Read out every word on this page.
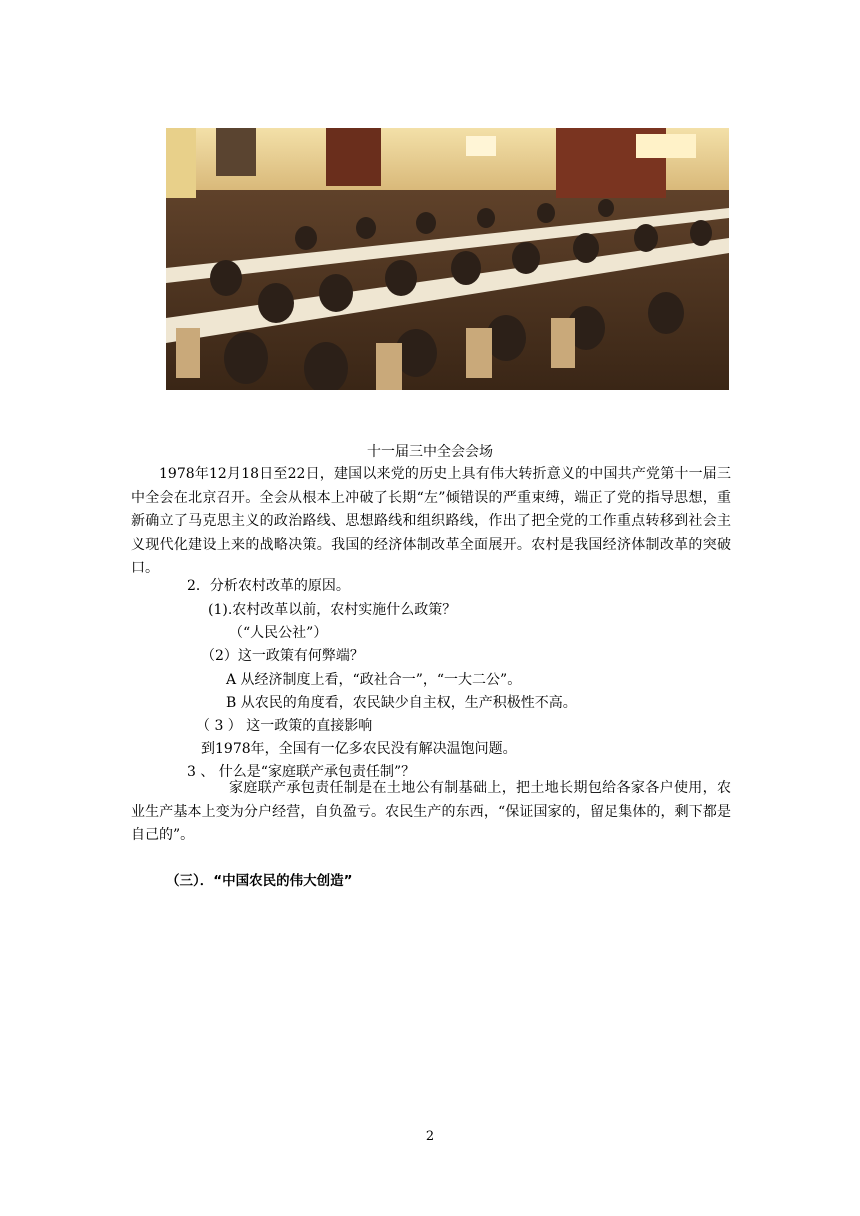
十一届三中全会会场
1978年12月18日至22日，建国以来党的历史上具有伟大转折意义的中国共产党第十一届三中全会在北京召开。全会从根本上冲破了长期“左”倾错误的严重束缚，端正了党的指导思想，重新确立了马克思主义的政治路线、思想路线和组织路线，作出了把全党的工作重点转移到社会主义现代化建设上来的战略决策。我国的经济体制改革全面展开。农村是我国经济体制改革的突破口。
2．分析农村改革的原因。
(1).农村改革以前，农村实施什么政策？
（“人民公社”）
（2）这一政策有何弊端？
A 从经济制度上看，“政社合一”，“一大二公”。
B 从农民的角度看，农民缺少自主权，生产积极性不高。
（ 3 ） 这一政策的直接影响
到1978年，全国有一亿多农民没有解决温饱问题。
3 、 什么是“家庭联产承包责任制”？
家庭联产承包责任制是在土地公有制基础上，把土地长期包给各家各户使用，农业生产基本上变为分户经营，自负盈亏。农民生产的东西，“保证国家的，留足集体的，剩下都是自己的”。
（三）．“中国农民的伟大创造”
2
